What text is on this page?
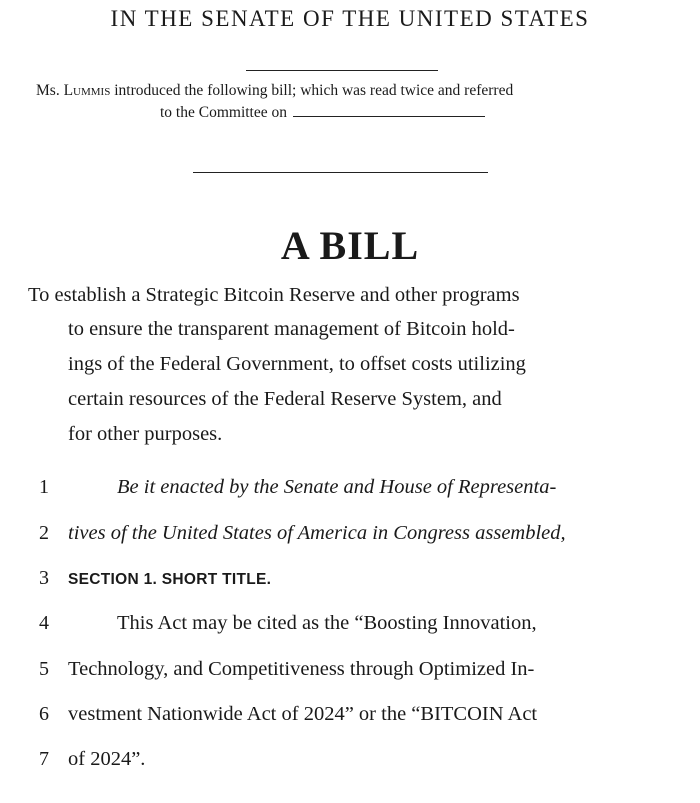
IN THE SENATE OF THE UNITED STATES
Ms. Lummis introduced the following bill; which was read twice and referred
to the Committee on
A BILL
To establish a Strategic Bitcoin Reserve and other programs
to ensure the transparent management of Bitcoin hold-
ings of the Federal Government, to offset costs utilizing
certain resources of the Federal Reserve System, and
for other purposes.
1	Be it enacted by the Senate and House of Representa-
2 tives of the United States of America in Congress assembled,
3	SECTION 1. SHORT TITLE.
4	This Act may be cited as the “Boosting Innovation,
5 Technology, and Competitiveness through Optimized In-
6 vestment Nationwide Act of 2024” or the “BITCOIN Act
7 of 2024”.
